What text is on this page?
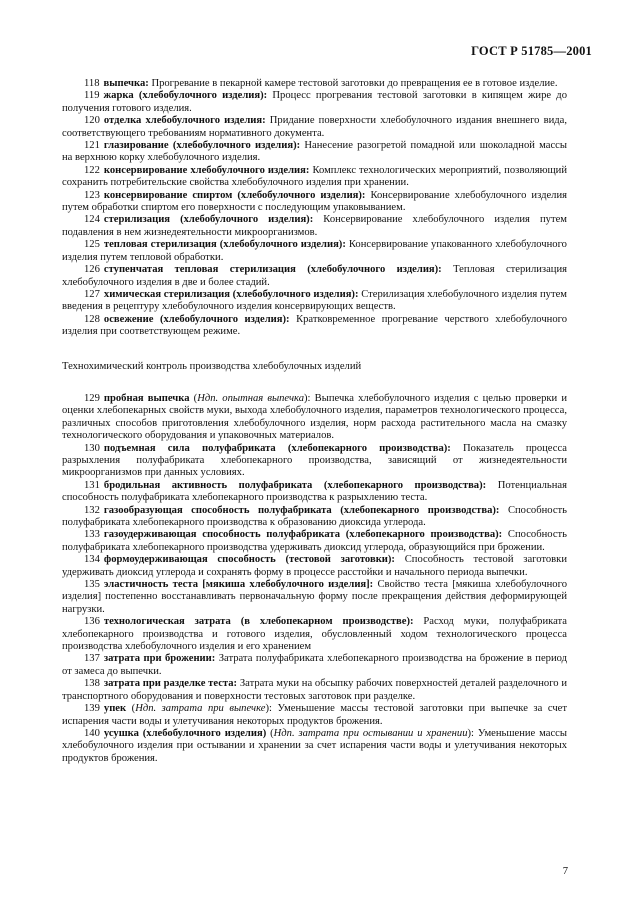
ГОСТ Р 51785—2001

118 выпечка: Прогревание в пекарной камере тестовой заготовки до превращения ее в готовое изделие.

119 жарка (хлебобулочного изделия): Процесс прогревания тестовой заготовки в кипящем жире до получения готового изделия.

120 отделка хлебобулочного изделия: Придание поверхности хлебобулочного издания внешнего вида, соответствующего требованиям нормативного документа.

121 глазирование (хлебобулочного изделия): Нанесение разогретой помадной или шоколадной массы на верхнюю корку хлебобулочного изделия.

122 консервирование хлебобулочного изделия: Комплекс технологических мероприятий, позволяющий сохранить потребительские свойства хлебобулочного изделия при хранении.

123 консервирование спиртом (хлебобулочного изделия): Консервирование хлебобулочного изделия путем обработки спиртом его поверхности с последующим упаковыванием.

124 стерилизация (хлебобулочного изделия): Консервирование хлебобулочного изделия путем подавления в нем жизнедеятельности микроорганизмов.

125 тепловая стерилизация (хлебобулочного изделия): Консервирование упакованного хлебобулочного изделия путем тепловой обработки.

126 ступенчатая тепловая стерилизация (хлебобулочного изделия): Тепловая стерилизация хлебобулочного изделия в две и более стадий.

127 химическая стерилизация (хлебобулочного изделия): Стерилизация хлебобулочного изделия путем введения в рецептуру хлебобулочного изделия консервирующих веществ.

128 освежение (хлебобулочного изделия): Кратковременное прогревание черствого хлебобулочного изделия при соответствующем режиме.

Технохимический контроль производства хлебобулочных изделий

129 пробная выпечка (Ндп. опытная выпечка): Выпечка хлебобулочного изделия с целью проверки и оценки хлебопекарных свойств муки, выхода хлебобулочного изделия, параметров технологического процесса, различных способов приготовления хлебобулочного изделия, норм расхода растительного масла на смазку технологического оборудования и упаковочных материалов.

130 подъемная сила полуфабриката (хлебопекарного производства): Показатель процесса разрыхления полуфабриката хлебопекарного производства, зависящий от жизнедеятельности микроорганизмов при данных условиях.

131 бродильная активность полуфабриката (хлебопекарного производства): Потенциальная способность полуфабриката хлебопекарного производства к разрыхлению теста.

132 газообразующая способность полуфабриката (хлебопекарного производства): Способность полуфабриката хлебопекарного производства к образованию диоксида углерода.

133 газоудерживающая способность полуфабриката (хлебопекарного производства): Способность полуфабриката хлебопекарного производства удерживать диоксид углерода, образующийся при брожении.

134 формоудерживающая способность (тестовой заготовки): Способность тестовой заготовки удерживать диоксид углерода и сохранять форму в процессе расстойки и начального периода выпечки.

135 эластичность теста [мякиша хлебобулочного изделия]: Свойство теста [мякиша хлебобулочного изделия] постепенно восстанавливать первоначальную форму после прекращения действия деформирующей нагрузки.

136 технологическая затрата (в хлебопекарном производстве): Расход муки, полуфабриката хлебопекарного производства и готового изделия, обусловленный ходом технологического процесса производства хлебобулочного изделия и его хранением

137 затрата при брожении: Затрата полуфабриката хлебопекарного производства на брожение в период от замеса до выпечки.

138 затрата при разделке теста: Затрата муки на обсыпку рабочих поверхностей деталей разделочного и транспортного оборудования и поверхности тестовых заготовок при разделке.

139 упек (Ндп. затрата при выпечке): Уменьшение массы тестовой заготовки при выпечке за счет испарения части воды и улетучивания некоторых продуктов брожения.

140 усушка (хлебобулочного изделия) (Ндп. затрата при остывании и хранении): Уменьшение массы хлебобулочного изделия при остывании и хранении за счет испарения части воды и улетучивания некоторых продуктов брожения.

7
